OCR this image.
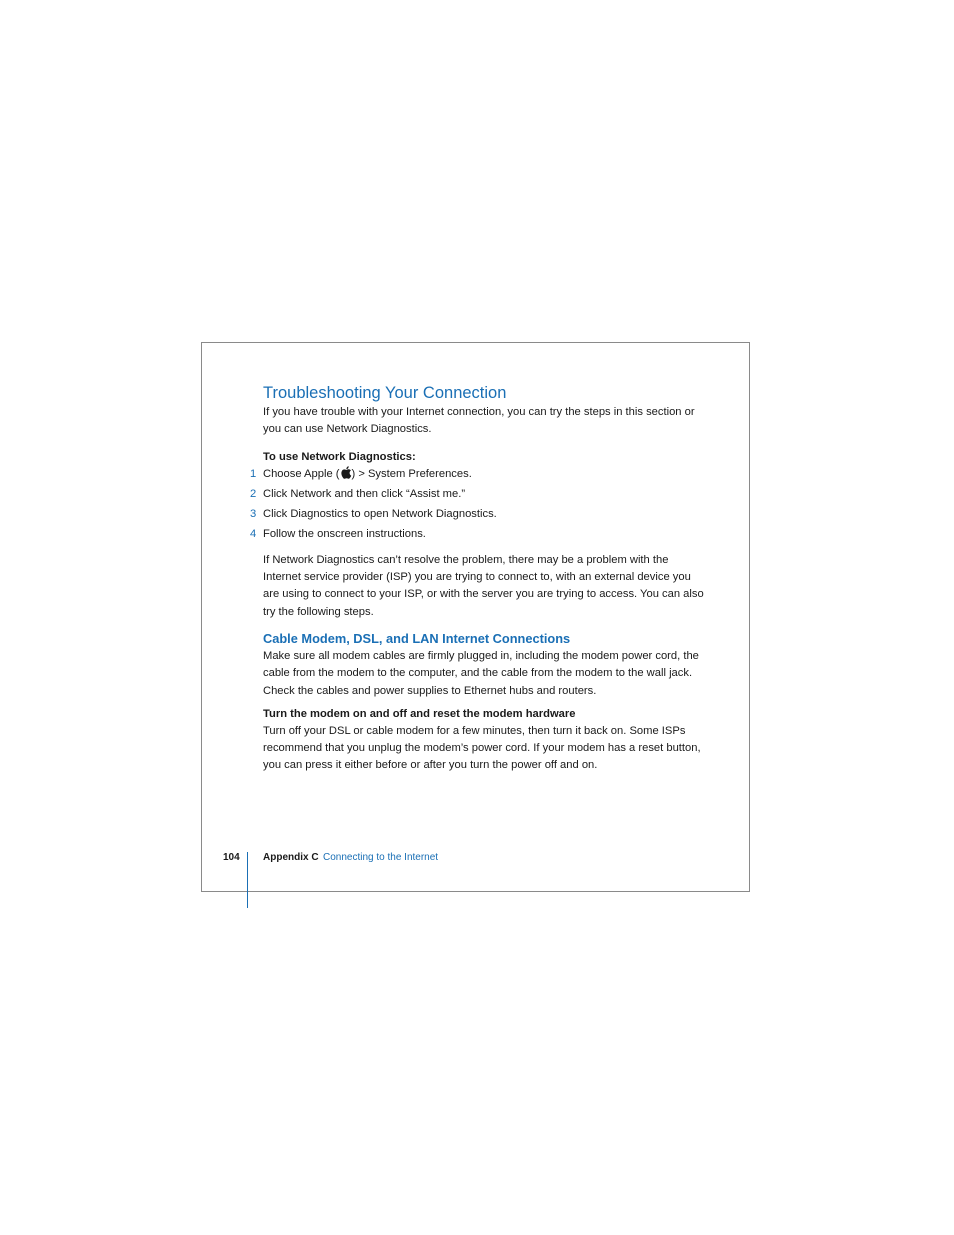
Troubleshooting Your Connection

If you have trouble with your Internet connection, you can try the steps in this section or you can use Network Diagnostics.

To use Network Diagnostics:
1 Choose Apple ( ) > System Preferences.
2 Click Network and then click “Assist me.”
3 Click Diagnostics to open Network Diagnostics.
4 Follow the onscreen instructions.

If Network Diagnostics can’t resolve the problem, there may be a problem with the Internet service provider (ISP) you are trying to connect to, with an external device you are using to connect to your ISP, or with the server you are trying to access. You can also try the following steps.

Cable Modem, DSL, and LAN Internet Connections

Make sure all modem cables are firmly plugged in, including the modem power cord, the cable from the modem to the computer, and the cable from the modem to the wall jack. Check the cables and power supplies to Ethernet hubs and routers.

Turn the modem on and off and reset the modem hardware

Turn off your DSL or cable modem for a few minutes, then turn it back on. Some ISPs recommend that you unplug the modem’s power cord. If your modem has a reset button, you can press it either before or after you turn the power off and on.

104 Appendix C Connecting to the Internet
